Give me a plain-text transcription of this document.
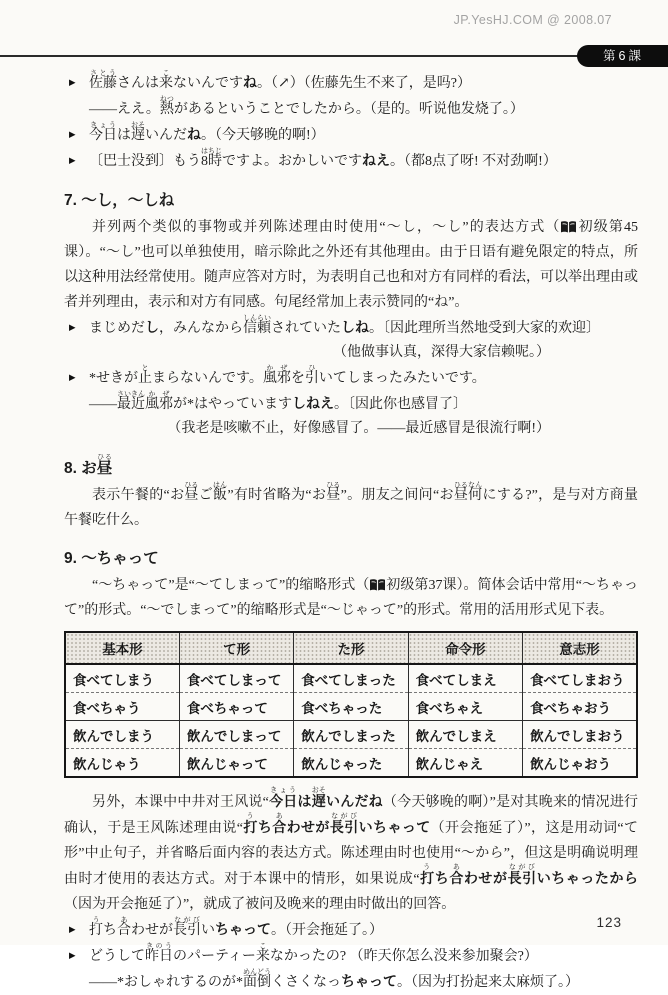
JP.YesHJ.COM @ 2008.07
第6課
▶ 佐藤さとうさんは来こないんですね。（↗）（佐藤先生不来了，是吗?）
——ええ。熱ねつがあるということでしたから。（是的。听说他发烧了。）
▶ 今日きょうは遅おそいんだね。（今天够晚的啊!）
▶ 〔巴士没到〕もう8時はちじですよ。おかしいですねえ。（都8点了呀! 不对劲啊!）
7. ～し，～しね

并列两个类似的事物或并列陈述理由时使用“～し，～し”的表达方式（ 初级第45课）。“～し”也可以单独使用，暗示除此之外还有其他理由。由于日语有避免限定的特点，所以这种用法经常使用。随声应答对方时，为表明自己也和对方有同样的看法，可以举出理由或者并列理由，表示和对方有同感。句尾经常加上表示赞同的“ね”。

▶ まじめだし，みんなから信頼しんらいされていたしね。〔因此理所当然地受到大家的欢迎〕
（他做事认真，深得大家信赖呢。）
▶ *せきが止とまらないんです。風邪かぜを引ひいてしまったみたいです。
——最近さいきん風邪かぜが*はやっていますしねえ。〔因此你也感冒了〕
（我老是咳嗽不止，好像感冒了。——最近感冒是很流行啊!）
8. お昼ひる

表示午餐的“お昼ひるご飯はん”有时省略为“お昼ひる”。朋友之间问“お昼何ひるなんにする?”，是与对方商量午餐吃什么。

9. ～ちゃって

“～ちゃって”是“～てしまって”的缩略形式（ 初级第37课）。简体会话中常用“～ちゃって”的形式。“～でしまって”的缩略形式是“～じゃって”的形式。常用的活用形式见下表。

基本形	て形	た形	命令形	意志形
食べてしまう	食べてしまって	食べてしまった	食べてしまえ	食べてしまおう
食べちゃう	食べちゃって	食べちゃった	食べちゃえ	食べちゃおう
飲んでしまう	飲んでしまって	飲んでしまった	飲んでしまえ	飲んでしまおう
飲んじゃう	飲んじゃって	飲んじゃった	飲んじゃえ	飲んじゃおう

另外，本课中中井对王风说“今日きょうは遅おそいんだね（今天够晚的啊）”是对其晚来的情况进行确认，于是王风陈述理由说“打うち合あわせが長引ながびいちゃって（开会拖延了）”，这是用动词“て形”中止句子，并省略后面内容的表达方式。陈述理由时也使用“～から”，但这是明确说明理由时才使用的表达方式。对于本课中的情形，如果说成“打うち合あわせが長引ながびいちゃったから（因为开会拖延了）”，就成了被问及晚来的理由时做出的回答。

▶ 打うち合あわせが長引ながびいちゃって。（开会拖延了。）
▶ どうして昨日きのうのパーティー来こなかったの? （昨天你怎么没来参加聚会?）
——*おしゃれするのが*面倒めんどうくさくなっちゃって。（因为打扮起来太麻烦了。）
123
